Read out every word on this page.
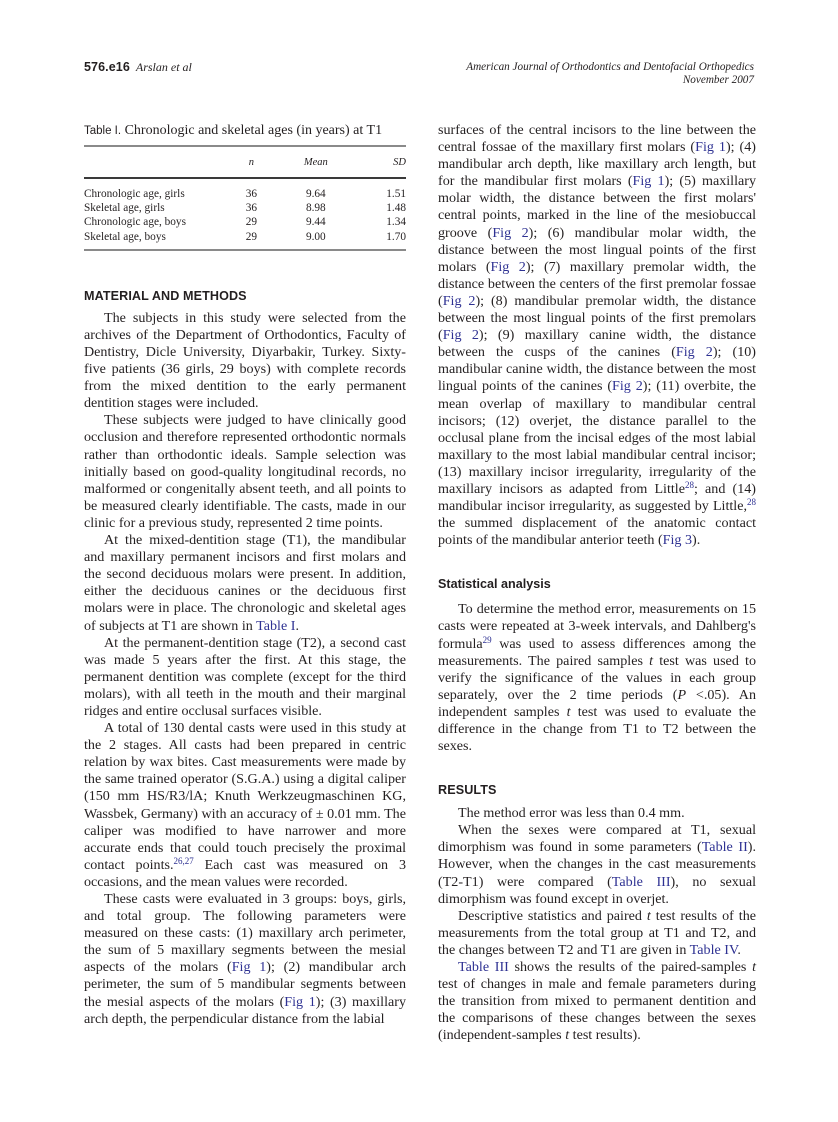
576.e16 Arslan et al	American Journal of Orthodontics and Dentofacial Orthopedics
November 2007
Table I. Chronologic and skeletal ages (in years) at T1
	n	Mean	SD
Chronologic age, girls	36	9.64	1.51
Skeletal age, girls	36	8.98	1.48
Chronologic age, boys	29	9.44	1.34
Skeletal age, boys	29	9.00	1.70
MATERIAL AND METHODS

The subjects in this study were selected from the archives of the Department of Orthodontics, Faculty of Dentistry, Dicle University, Diyarbakir, Turkey. Sixty-five patients (36 girls, 29 boys) with complete records from the mixed dentition to the early permanent dentition stages were included.

These subjects were judged to have clinically good occlusion and therefore represented orthodontic normals rather than orthodontic ideals. Sample selection was initially based on good-quality longitudinal records, no malformed or congenitally absent teeth, and all points to be measured clearly identifiable. The casts, made in our clinic for a previous study, represented 2 time points.

At the mixed-dentition stage (T1), the mandibular and maxillary permanent incisors and first molars and the second deciduous molars were present. In addition, either the deciduous canines or the deciduous first molars were in place. The chronologic and skeletal ages of subjects at T1 are shown in Table I.

At the permanent-dentition stage (T2), a second cast was made 5 years after the first. At this stage, the permanent dentition was complete (except for the third molars), with all teeth in the mouth and their marginal ridges and entire occlusal surfaces visible.

A total of 130 dental casts were used in this study at the 2 stages. All casts had been prepared in centric relation by wax bites. Cast measurements were made by the same trained operator (S.G.A.) using a digital caliper (150 mm HS/R3/lA; Knuth Werkzeugmaschinen KG, Wassbek, Germany) with an accuracy of ± 0.01 mm. The caliper was modified to have narrower and more accurate ends that could touch precisely the proximal contact points.$^{26,27}$ Each cast was measured on 3 occasions, and the mean values were recorded.

These casts were evaluated in 3 groups: boys, girls, and total group. The following parameters were measured on these casts: (1) maxillary arch perimeter, the sum of 5 maxillary segments between the mesial aspects of the molars (Fig 1); (2) mandibular arch perimeter, the sum of 5 mandibular segments between the mesial aspects of the molars (Fig 1); (3) maxillary arch depth, the perpendicular distance from the labial

surfaces of the central incisors to the line between the central fossae of the maxillary first molars (Fig 1); (4) mandibular arch depth, like maxillary arch length, but for the mandibular first molars (Fig 1); (5) maxillary molar width, the distance between the first molars' central points, marked in the line of the mesiobuccal groove (Fig 2); (6) mandibular molar width, the distance between the most lingual points of the first molars (Fig 2); (7) maxillary premolar width, the distance between the centers of the first premolar fossae (Fig 2); (8) mandibular premolar width, the distance between the most lingual points of the first premolars (Fig 2); (9) maxillary canine width, the distance between the cusps of the canines (Fig 2); (10) mandibular canine width, the distance between the most lingual points of the canines (Fig 2); (11) overbite, the mean overlap of maxillary to mandibular central incisors; (12) overjet, the distance parallel to the occlusal plane from the incisal edges of the most labial maxillary to the most labial mandibular central incisor; (13) maxillary incisor irregularity, irregularity of the maxillary incisors as adapted from Little$^{28}$; and (14) mandibular incisor irregularity, as suggested by Little,$^{28}$ the summed displacement of the anatomic contact points of the mandibular anterior teeth (Fig 3).

Statistical analysis

To determine the method error, measurements on 15 casts were repeated at 3-week intervals, and Dahlberg's formula$^{29}$ was used to assess differences among the measurements. The paired samples t test was used to verify the significance of the values in each group separately, over the 2 time periods (P <.05). An independent samples t test was used to evaluate the difference in the change from T1 to T2 between the sexes.

RESULTS

The method error was less than 0.4 mm.

When the sexes were compared at T1, sexual dimorphism was found in some parameters (Table II). However, when the changes in the cast measurements (T2-T1) were compared (Table III), no sexual dimorphism was found except in overjet.

Descriptive statistics and paired t test results of the measurements from the total group at T1 and T2, and the changes between T2 and T1 are given in Table IV.

Table III shows the results of the paired-samples t test of changes in male and female parameters during the transition from mixed to permanent dentition and the comparisons of these changes between the sexes (independent-samples t test results).
